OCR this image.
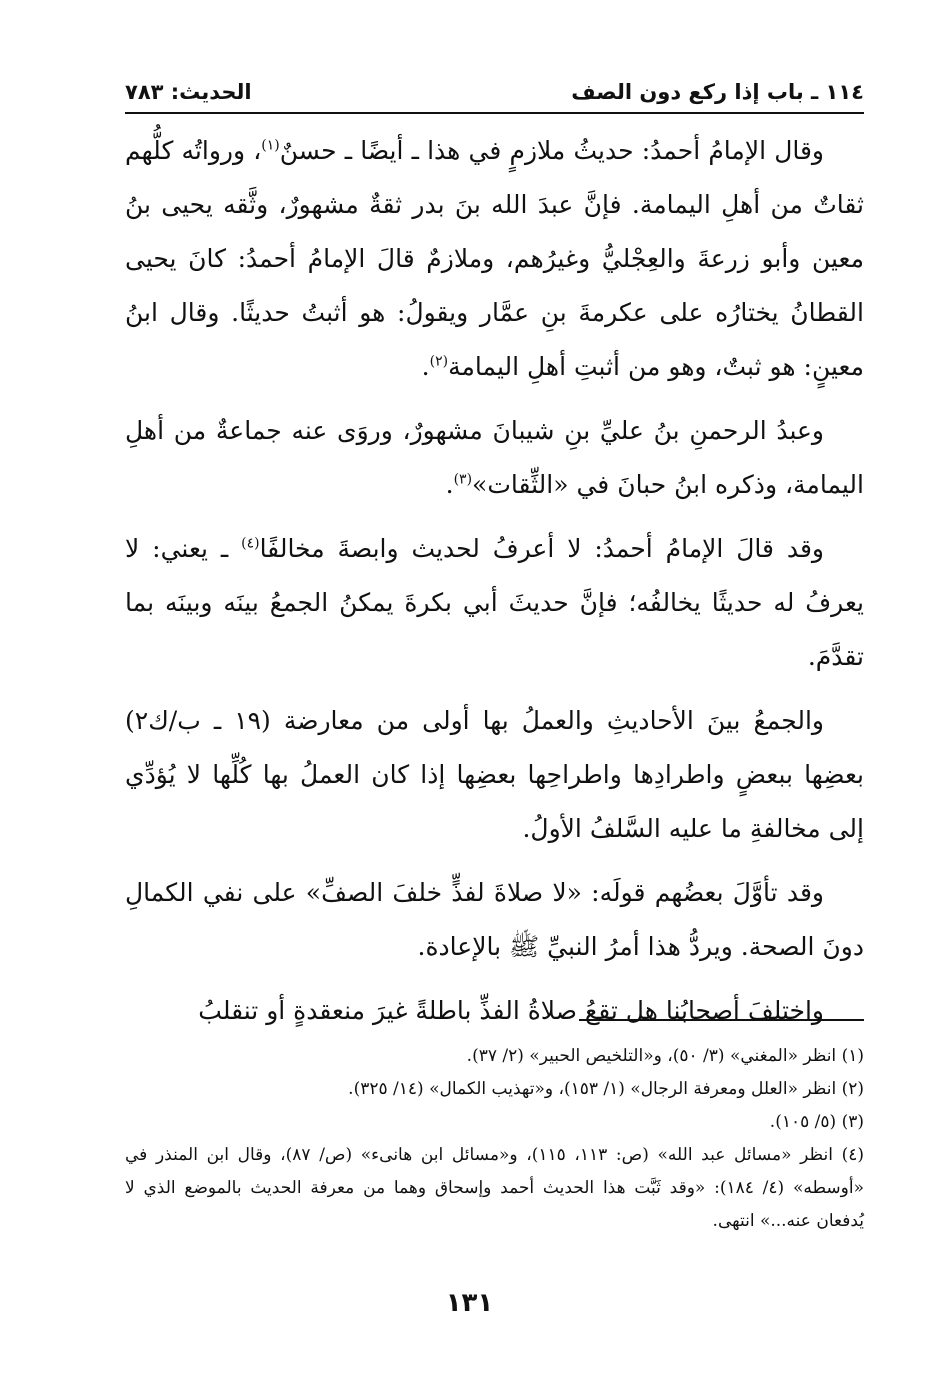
١١٤ ـ باب إذا ركع دون الصف
الحديث: ٧٨٣

وقال الإمامُ أحمدُ: حديثُ ملازمٍ في هذا ـ أيضًا ـ حسنٌ$^{(١)}$، ورواتُه كلُّهم ثقاتٌ من أهلِ اليمامة. فإنَّ عبدَ الله بنَ بدر ثقةٌ مشهورٌ، وثَّقه يحيى بنُ معين وأبو زرعةَ والعِجْليُّ وغيرُهم، وملازمٌ قالَ الإمامُ أحمدُ: كانَ يحيى القطانُ يختارُه على عكرمةَ بنِ عمَّار ويقولُ: هو أثبتُ حديثًا. وقال ابنُ معينٍ: هو ثبتٌ، وهو من أثبتِ أهلِ اليمامة$^{(٢)}$.

وعبدُ الرحمنِ بنُ عليِّ بنِ شيبانَ مشهورٌ، وروَى عنه جماعةٌ من أهلِ اليمامة، وذكره ابنُ حبانَ في «الثِّقات»$^{(٣)}$.

وقد قالَ الإمامُ أحمدُ: لا أعرفُ لحديث وابصةَ مخالفًا$^{(٤)}$ ـ يعني: لا يعرفُ له حديثًا يخالفُه؛ فإنَّ حديثَ أبي بكرةَ يمكنُ الجمعُ بينَه وبينَه بما تقدَّمَ.

والجمعُ بينَ الأحاديثِ والعملُ بها أولى من معارضة (١٩ ـ ب/ك٢) بعضِها ببعضٍ واطرادِها واطراحِها بعضِها إذا كان العملُ بها كُلِّها لا يُؤدِّي إلى مخالفةِ ما عليه السَّلفُ الأولُ.

وقد تأوَّلَ بعضُهم قولَه: «لا صلاةَ لفذٍّ خلفَ الصفِّ» على نفي الكمالِ دونَ الصحة. ويردُّ هذا أمرُ النبيِّ ﷺ بالإعادة.

واختلفَ أصحابُنا هل تقعُ صلاةُ الفذِّ باطلةً غيرَ منعقدةٍ أو تنقلبُ

(١) انظر «المغني» (٣/ ٥٠)، و«التلخيص الحبير» (٢/ ٣٧).
(٢) انظر «العلل ومعرفة الرجال» (١/ ١٥٣)، و«تهذيب الكمال» (١٤/ ٣٢٥).
(٣) (٥/ ١٠٥).
(٤) انظر «مسائل عبد الله» (ص: ١١٣، ١١٥)، و«مسائل ابن هانىء» (ص/ ٨٧)، وقال ابن المنذر في «أوسطه» (٤/ ١٨٤): «وقد ثَبَّت هذا الحديث أحمد وإسحاق وهما من معرفة الحديث بالموضع الذي لا يُدفعان عنه...» انتهى.
١٣١
